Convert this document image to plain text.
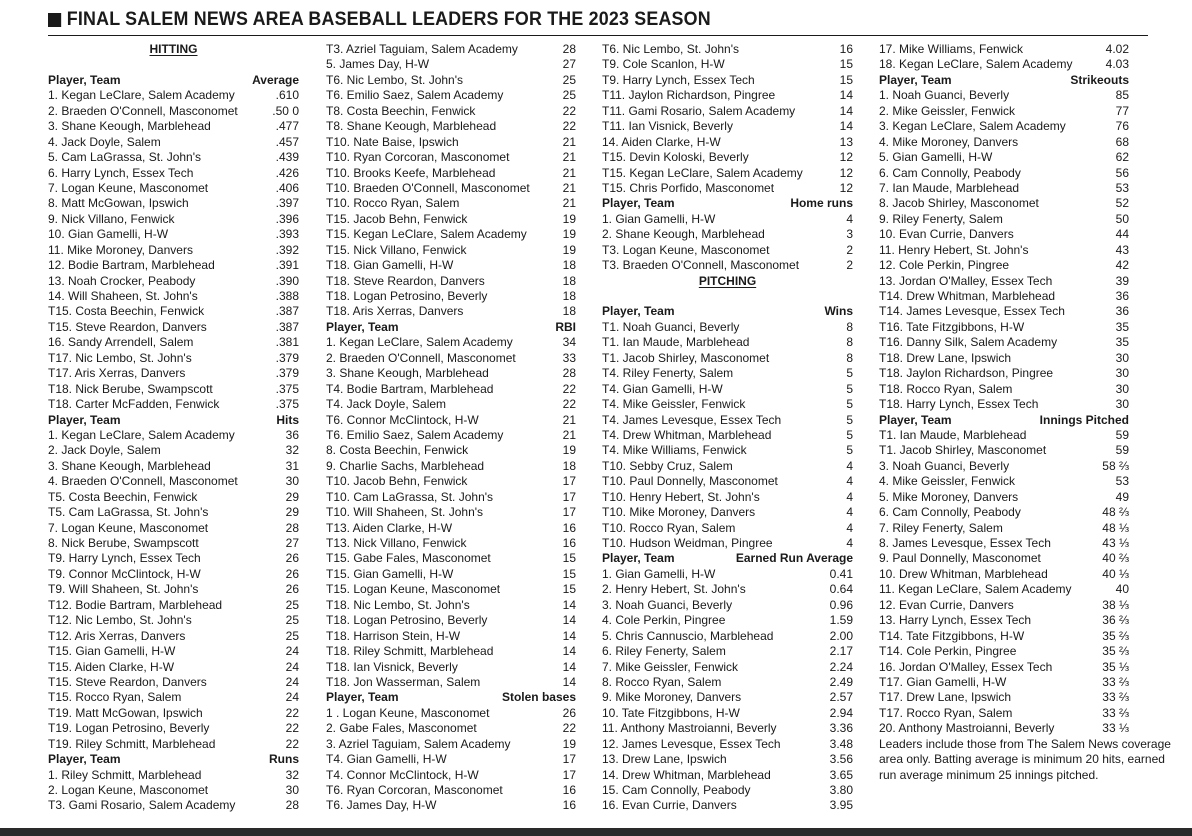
FINAL SALEM NEWS AREA BASEBALL LEADERS FOR THE 2023 SEASON
HITTING
Player, Team	Average
1. Kegan LeClare, Salem Academy	.610
2. Braeden O'Connell, Masconomet	.50 0
3. Shane Keough, Marblehead	.477
4. Jack Doyle, Salem	.457
5. Cam LaGrassa, St. John's	.439
6. Harry Lynch, Essex Tech	.426
7. Logan Keune, Masconomet	.406
8. Matt McGowan, Ipswich	.397
9. Nick Villano, Fenwick	.396
10. Gian Gamelli, H-W	.393
11. Mike Moroney, Danvers	.392
12. Bodie Bartram, Marblehead	.391
13. Noah Crocker, Peabody	.390
14. Will Shaheen, St. John's	.388
T15. Costa Beechin, Fenwick	.387
T15. Steve Reardon, Danvers	.387
16. Sandy Arrendell, Salem	.381
T17. Nic Lembo, St. John's	.379
T17. Aris Xerras, Danvers	.379
T18. Nick Berube, Swampscott	.375
T18. Carter McFadden, Fenwick	.375
Player, Team	Hits
1. Kegan LeClare, Salem Academy	36
2. Jack Doyle, Salem	32
3. Shane Keough, Marblehead	31
4. Braeden O'Connell, Masconomet	30
T5. Costa Beechin, Fenwick	29
T5. Cam LaGrassa, St. John's	29
7. Logan Keune, Masconomet	28
8. Nick Berube, Swampscott	27
T9. Harry Lynch, Essex Tech	26
T9. Connor McClintock, H-W	26
T9. Will Shaheen, St. John's	26
T12. Bodie Bartram, Marblehead	25
T12. Nic Lembo, St. John's	25
T12. Aris Xerras, Danvers	25
T15. Gian Gamelli, H-W	24
T15. Aiden Clarke, H-W	24
T15. Steve Reardon, Danvers	24
T15. Rocco Ryan, Salem	24
T19. Matt McGowan, Ipswich	22
T19. Logan Petrosino, Beverly	22
T19. Riley Schmitt, Marblehead	22
Player, Team	Runs
1. Riley Schmitt, Marblehead	32
2. Logan Keune, Masconomet	30
T3. Gami Rosario, Salem Academy	28
T3. Azriel Taguiam, Salem Academy	28
5. James Day, H-W	27
T6. Nic Lembo, St. John's	25
T6. Emilio Saez, Salem Academy	25
T8. Costa Beechin, Fenwick	22
T8. Shane Keough, Marblehead	22
T10. Nate Baise, Ipswich	21
T10. Ryan Corcoran, Masconomet	21
T10. Brooks Keefe, Marblehead	21
T10. Braeden O'Connell, Masconomet	21
T10. Rocco Ryan, Salem	21
T15. Jacob Behn, Fenwick	19
T15. Kegan LeClare, Salem Academy	19
T15. Nick Villano, Fenwick	19
T18. Gian Gamelli, H-W	18
T18. Steve Reardon, Danvers	18
T18. Logan Petrosino, Beverly	18
T18. Aris Xerras, Danvers	18
Player, Team	RBI
1. Kegan LeClare, Salem Academy	34
2. Braeden O'Connell, Masconomet	33
3. Shane Keough, Marblehead	28
T4. Bodie Bartram, Marblehead	22
T4. Jack Doyle, Salem	22
T6. Connor McClintock, H-W	21
T6. Emilio Saez, Salem Academy	21
8. Costa Beechin, Fenwick	19
9. Charlie Sachs, Marblehead	18
T10. Jacob Behn, Fenwick	17
T10. Cam LaGrassa, St. John's	17
T10. Will Shaheen, St. John's	17
T13. Aiden Clarke, H-W	16
T13. Nick Villano, Fenwick	16
T15. Gabe Fales, Masconomet	15
T15. Gian Gamelli, H-W	15
T15. Logan Keune, Masconomet	15
T18. Nic Lembo, St. John's	14
T18. Logan Petrosino, Beverly	14
T18. Harrison Stein, H-W	14
T18. Riley Schmitt, Marblehead	14
T18. Ian Visnick, Beverly	14
T18. Jon Wasserman, Salem	14
Player, Team	Stolen bases
1 . Logan Keune, Masconomet	26
2. Gabe Fales, Masconomet	22
3. Azriel Taguiam, Salem Academy	19
T4. Gian Gamelli, H-W	17
T4. Connor McClintock, H-W	17
T6. Ryan Corcoran, Masconomet	16
T6. James Day, H-W	16
T6. Nic Lembo, St. John's	16
T9. Cole Scanlon, H-W	15
T9. Harry Lynch, Essex Tech	15
T11. Jaylon Richardson, Pingree	14
T11. Gami Rosario, Salem Academy	14
T11. Ian Visnick, Beverly	14
14. Aiden Clarke, H-W	13
T15. Devin Koloski, Beverly	12
T15. Kegan LeClare, Salem Academy	12
T15. Chris Porfido, Masconomet	12
Player, Team	Home runs
1. Gian Gamelli, H-W	4
2. Shane Keough, Marblehead	3
T3. Logan Keune, Masconomet	2
T3. Braeden O'Connell, Masconomet	2
PITCHING
Player, Team	Wins
T1. Noah Guanci, Beverly	8
T1. Ian Maude, Marblehead	8
T1. Jacob Shirley, Masconomet	8
T4. Riley Fenerty, Salem	5
T4. Gian Gamelli, H-W	5
T4. Mike Geissler, Fenwick	5
T4. James Levesque, Essex Tech	5
T4. Drew Whitman, Marblehead	5
T4. Mike Williams, Fenwick	5
T10. Sebby Cruz, Salem	4
T10. Paul Donnelly, Masconomet	4
T10. Henry Hebert, St. John's	4
T10. Mike Moroney, Danvers	4
T10. Rocco Ryan, Salem	4
T10. Hudson Weidman, Pingree	4
Player, Team	Earned Run Average
1. Gian Gamelli, H-W	0.41
2. Henry Hebert, St. John's	0.64
3. Noah Guanci, Beverly	0.96
4. Cole Perkin, Pingree	1.59
5. Chris Cannuscio, Marblehead	2.00
6. Riley Fenerty, Salem	2.17
7. Mike Geissler, Fenwick	2.24
8. Rocco Ryan, Salem	2.49
9. Mike Moroney, Danvers	2.57
10. Tate Fitzgibbons, H-W	2.94
11. Anthony Mastroianni, Beverly	3.36
12. James Levesque, Essex Tech	3.48
13. Drew Lane, Ipswich	3.56
14. Drew Whitman, Marblehead	3.65
15. Cam Connolly, Peabody	3.80
16. Evan Currie, Danvers	3.95
17. Mike Williams, Fenwick	4.02
18. Kegan LeClare, Salem Academy	4.03
Player, Team	Strikeouts
1. Noah Guanci, Beverly	85
2. Mike Geissler, Fenwick	77
3. Kegan LeClare, Salem Academy	76
4. Mike Moroney, Danvers	68
5. Gian Gamelli, H-W	62
6. Cam Connolly, Peabody	56
7. Ian Maude, Marblehead	53
8. Jacob Shirley, Masconomet	52
9. Riley Fenerty, Salem	50
10. Evan Currie, Danvers	44
11. Henry Hebert, St. John's	43
12. Cole Perkin, Pingree	42
13. Jordan O'Malley, Essex Tech	39
T14. Drew Whitman, Marblehead	36
T14. James Levesque, Essex Tech	36
T16. Tate Fitzgibbons, H-W	35
T16. Danny Silk, Salem Academy	35
T18. Drew Lane, Ipswich	30
T18. Jaylon Richardson, Pingree	30
T18. Rocco Ryan, Salem	30
T18. Harry Lynch, Essex Tech	30
Player, Team	Innings Pitched
T1. Ian Maude, Marblehead	59
T1. Jacob Shirley, Masconomet	59
3. Noah Guanci, Beverly	58 ⅔
4. Mike Geissler, Fenwick	53
5. Mike Moroney, Danvers	49
6. Cam Connolly, Peabody	48 ⅔
7. Riley Fenerty, Salem	48 ⅓
8. James Levesque, Essex Tech	43 ⅓
9. Paul Donnelly, Masconomet	40 ⅔
10. Drew Whitman, Marblehead	40 ⅓
11. Kegan LeClare, Salem Academy	40
12. Evan Currie, Danvers	38 ⅓
13. Harry Lynch, Essex Tech	36 ⅔
T14. Tate Fitzgibbons, H-W	35 ⅔
T14. Cole Perkin, Pingree	35 ⅔
16. Jordan O'Malley, Essex Tech	35 ⅓
T17. Gian Gamelli, H-W	33 ⅔
T17. Drew Lane, Ipswich	33 ⅔
T17. Rocco Ryan, Salem	33 ⅔
20. Anthony Mastroianni, Beverly	33 ⅓
Leaders include those from The Salem News coverage
area only. Batting average is minimum 20 hits, earned
run average minimum 25 innings pitched.
